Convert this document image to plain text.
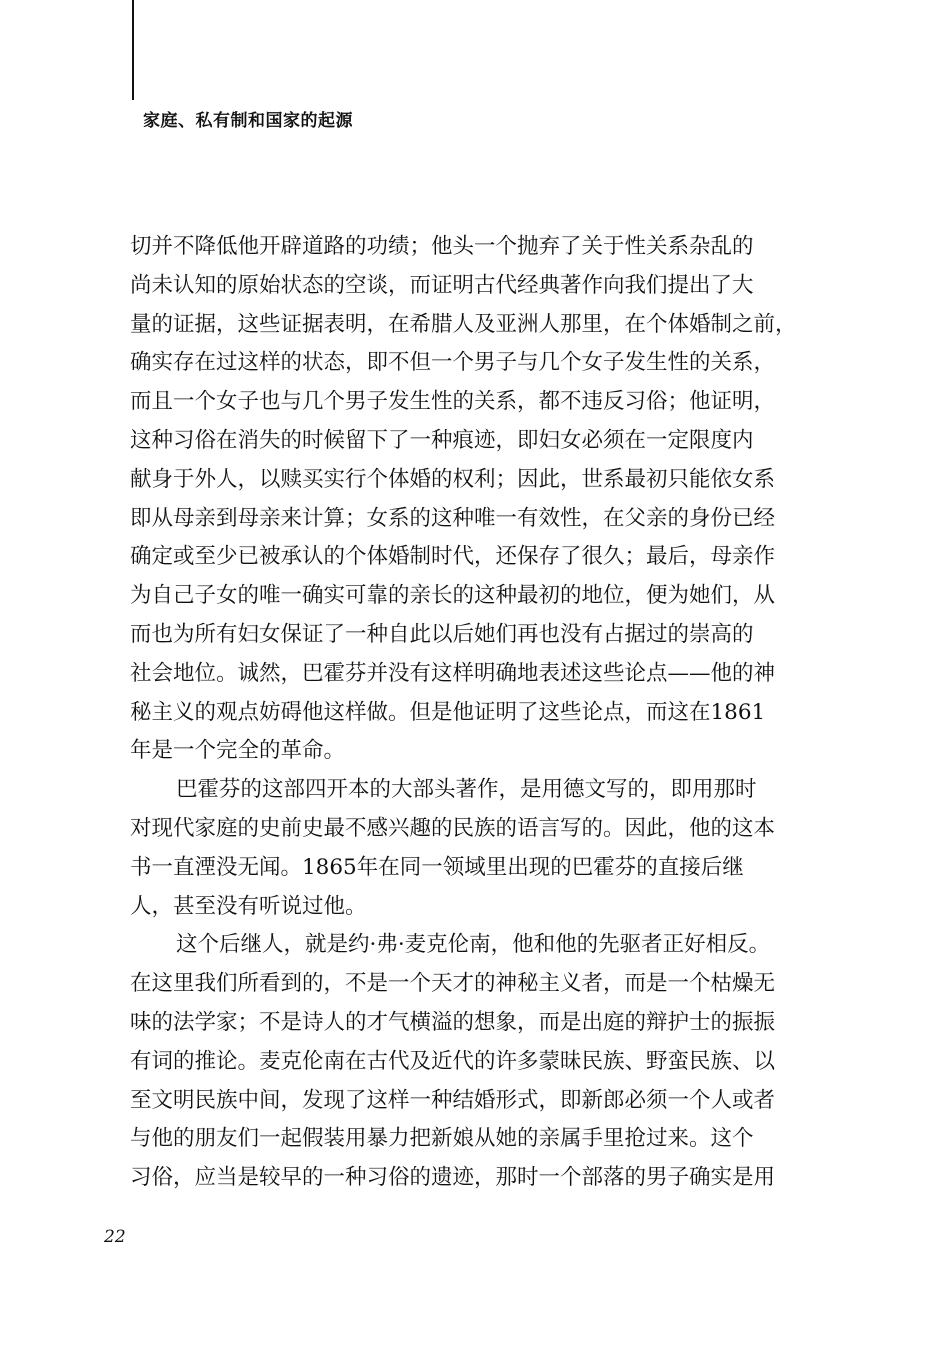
家庭、私有制和国家的起源
切并不降低他开辟道路的功绩；他头一个抛弃了关于性关系杂乱的
尚未认知的原始状态的空谈，而证明古代经典著作向我们提出了大
量的证据，这些证据表明，在希腊人及亚洲人那里，在个体婚制之前，
确实存在过这样的状态，即不但一个男子与几个女子发生性的关系，
而且一个女子也与几个男子发生性的关系，都不违反习俗；他证明，
这种习俗在消失的时候留下了一种痕迹，即妇女必须在一定限度内
献身于外人，以赎买实行个体婚的权利；因此，世系最初只能依女系
即从母亲到母亲来计算；女系的这种唯一有效性，在父亲的身份已经
确定或至少已被承认的个体婚制时代，还保存了很久；最后，母亲作
为自己子女的唯一确实可靠的亲长的这种最初的地位，便为她们，从
而也为所有妇女保证了一种自此以后她们再也没有占据过的崇高的
社会地位。诚然，巴霍芬并没有这样明确地表述这些论点——他的神
秘主义的观点妨碍他这样做。但是他证明了这些论点，而这在1861
年是一个完全的革命。
巴霍芬的这部四开本的大部头著作，是用德文写的，即用那时
对现代家庭的史前史最不感兴趣的民族的语言写的。因此，他的这本
书一直湮没无闻。1865年在同一领域里出现的巴霍芬的直接后继
人，甚至没有听说过他。
这个后继人，就是约·弗·麦克伦南，他和他的先驱者正好相反。
在这里我们所看到的，不是一个天才的神秘主义者，而是一个枯燥无
味的法学家；不是诗人的才气横溢的想象，而是出庭的辩护士的振振
有词的推论。麦克伦南在古代及近代的许多蒙昧民族、野蛮民族、以
至文明民族中间，发现了这样一种结婚形式，即新郎必须一个人或者
与他的朋友们一起假装用暴力把新娘从她的亲属手里抢过来。这个
习俗，应当是较早的一种习俗的遗迹，那时一个部落的男子确实是用
22
